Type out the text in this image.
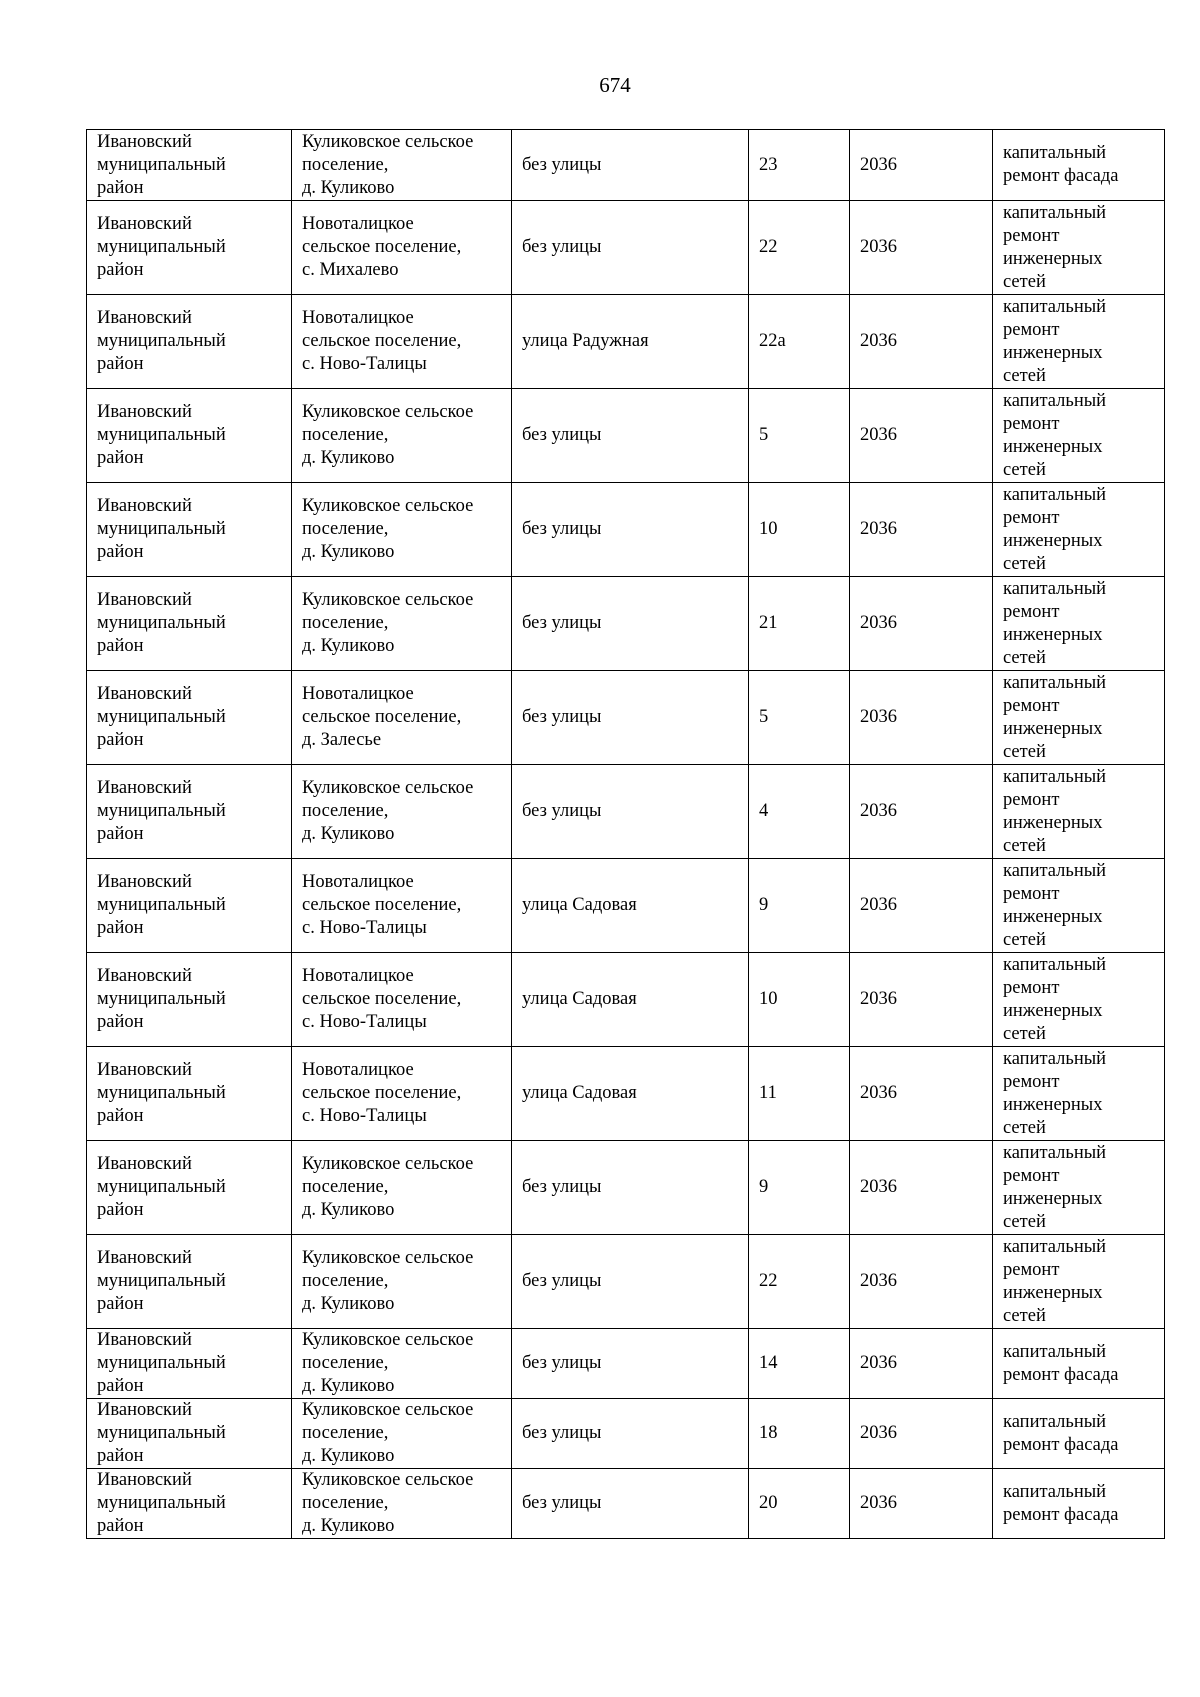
674
Ивановский
муниципальный
район	Куликовское сельское
поселение,
д. Куликово	без улицы	23	2036	капитальный
ремонт фасада
Ивановский
муниципальный
район	Новоталицкое
сельское поселение,
с. Михалево	без улицы	22	2036	капитальный
ремонт
инженерных
сетей
Ивановский
муниципальный
район	Новоталицкое
сельское поселение,
с. Ново-Талицы	улица Радужная	22а	2036	капитальный
ремонт
инженерных
сетей
Ивановский
муниципальный
район	Куликовское сельское
поселение,
д. Куликово	без улицы	5	2036	капитальный
ремонт
инженерных
сетей
Ивановский
муниципальный
район	Куликовское сельское
поселение,
д. Куликово	без улицы	10	2036	капитальный
ремонт
инженерных
сетей
Ивановский
муниципальный
район	Куликовское сельское
поселение,
д. Куликово	без улицы	21	2036	капитальный
ремонт
инженерных
сетей
Ивановский
муниципальный
район	Новоталицкое
сельское поселение,
д. Залесье	без улицы	5	2036	капитальный
ремонт
инженерных
сетей
Ивановский
муниципальный
район	Куликовское сельское
поселение,
д. Куликово	без улицы	4	2036	капитальный
ремонт
инженерных
сетей
Ивановский
муниципальный
район	Новоталицкое
сельское поселение,
с. Ново-Талицы	улица Садовая	9	2036	капитальный
ремонт
инженерных
сетей
Ивановский
муниципальный
район	Новоталицкое
сельское поселение,
с. Ново-Талицы	улица Садовая	10	2036	капитальный
ремонт
инженерных
сетей
Ивановский
муниципальный
район	Новоталицкое
сельское поселение,
с. Ново-Талицы	улица Садовая	11	2036	капитальный
ремонт
инженерных
сетей
Ивановский
муниципальный
район	Куликовское сельское
поселение,
д. Куликово	без улицы	9	2036	капитальный
ремонт
инженерных
сетей
Ивановский
муниципальный
район	Куликовское сельское
поселение,
д. Куликово	без улицы	22	2036	капитальный
ремонт
инженерных
сетей
Ивановский
муниципальный
район	Куликовское сельское
поселение,
д. Куликово	без улицы	14	2036	капитальный
ремонт фасада
Ивановский
муниципальный
район	Куликовское сельское
поселение,
д. Куликово	без улицы	18	2036	капитальный
ремонт фасада
Ивановский
муниципальный
район	Куликовское сельское
поселение,
д. Куликово	без улицы	20	2036	капитальный
ремонт фасада
